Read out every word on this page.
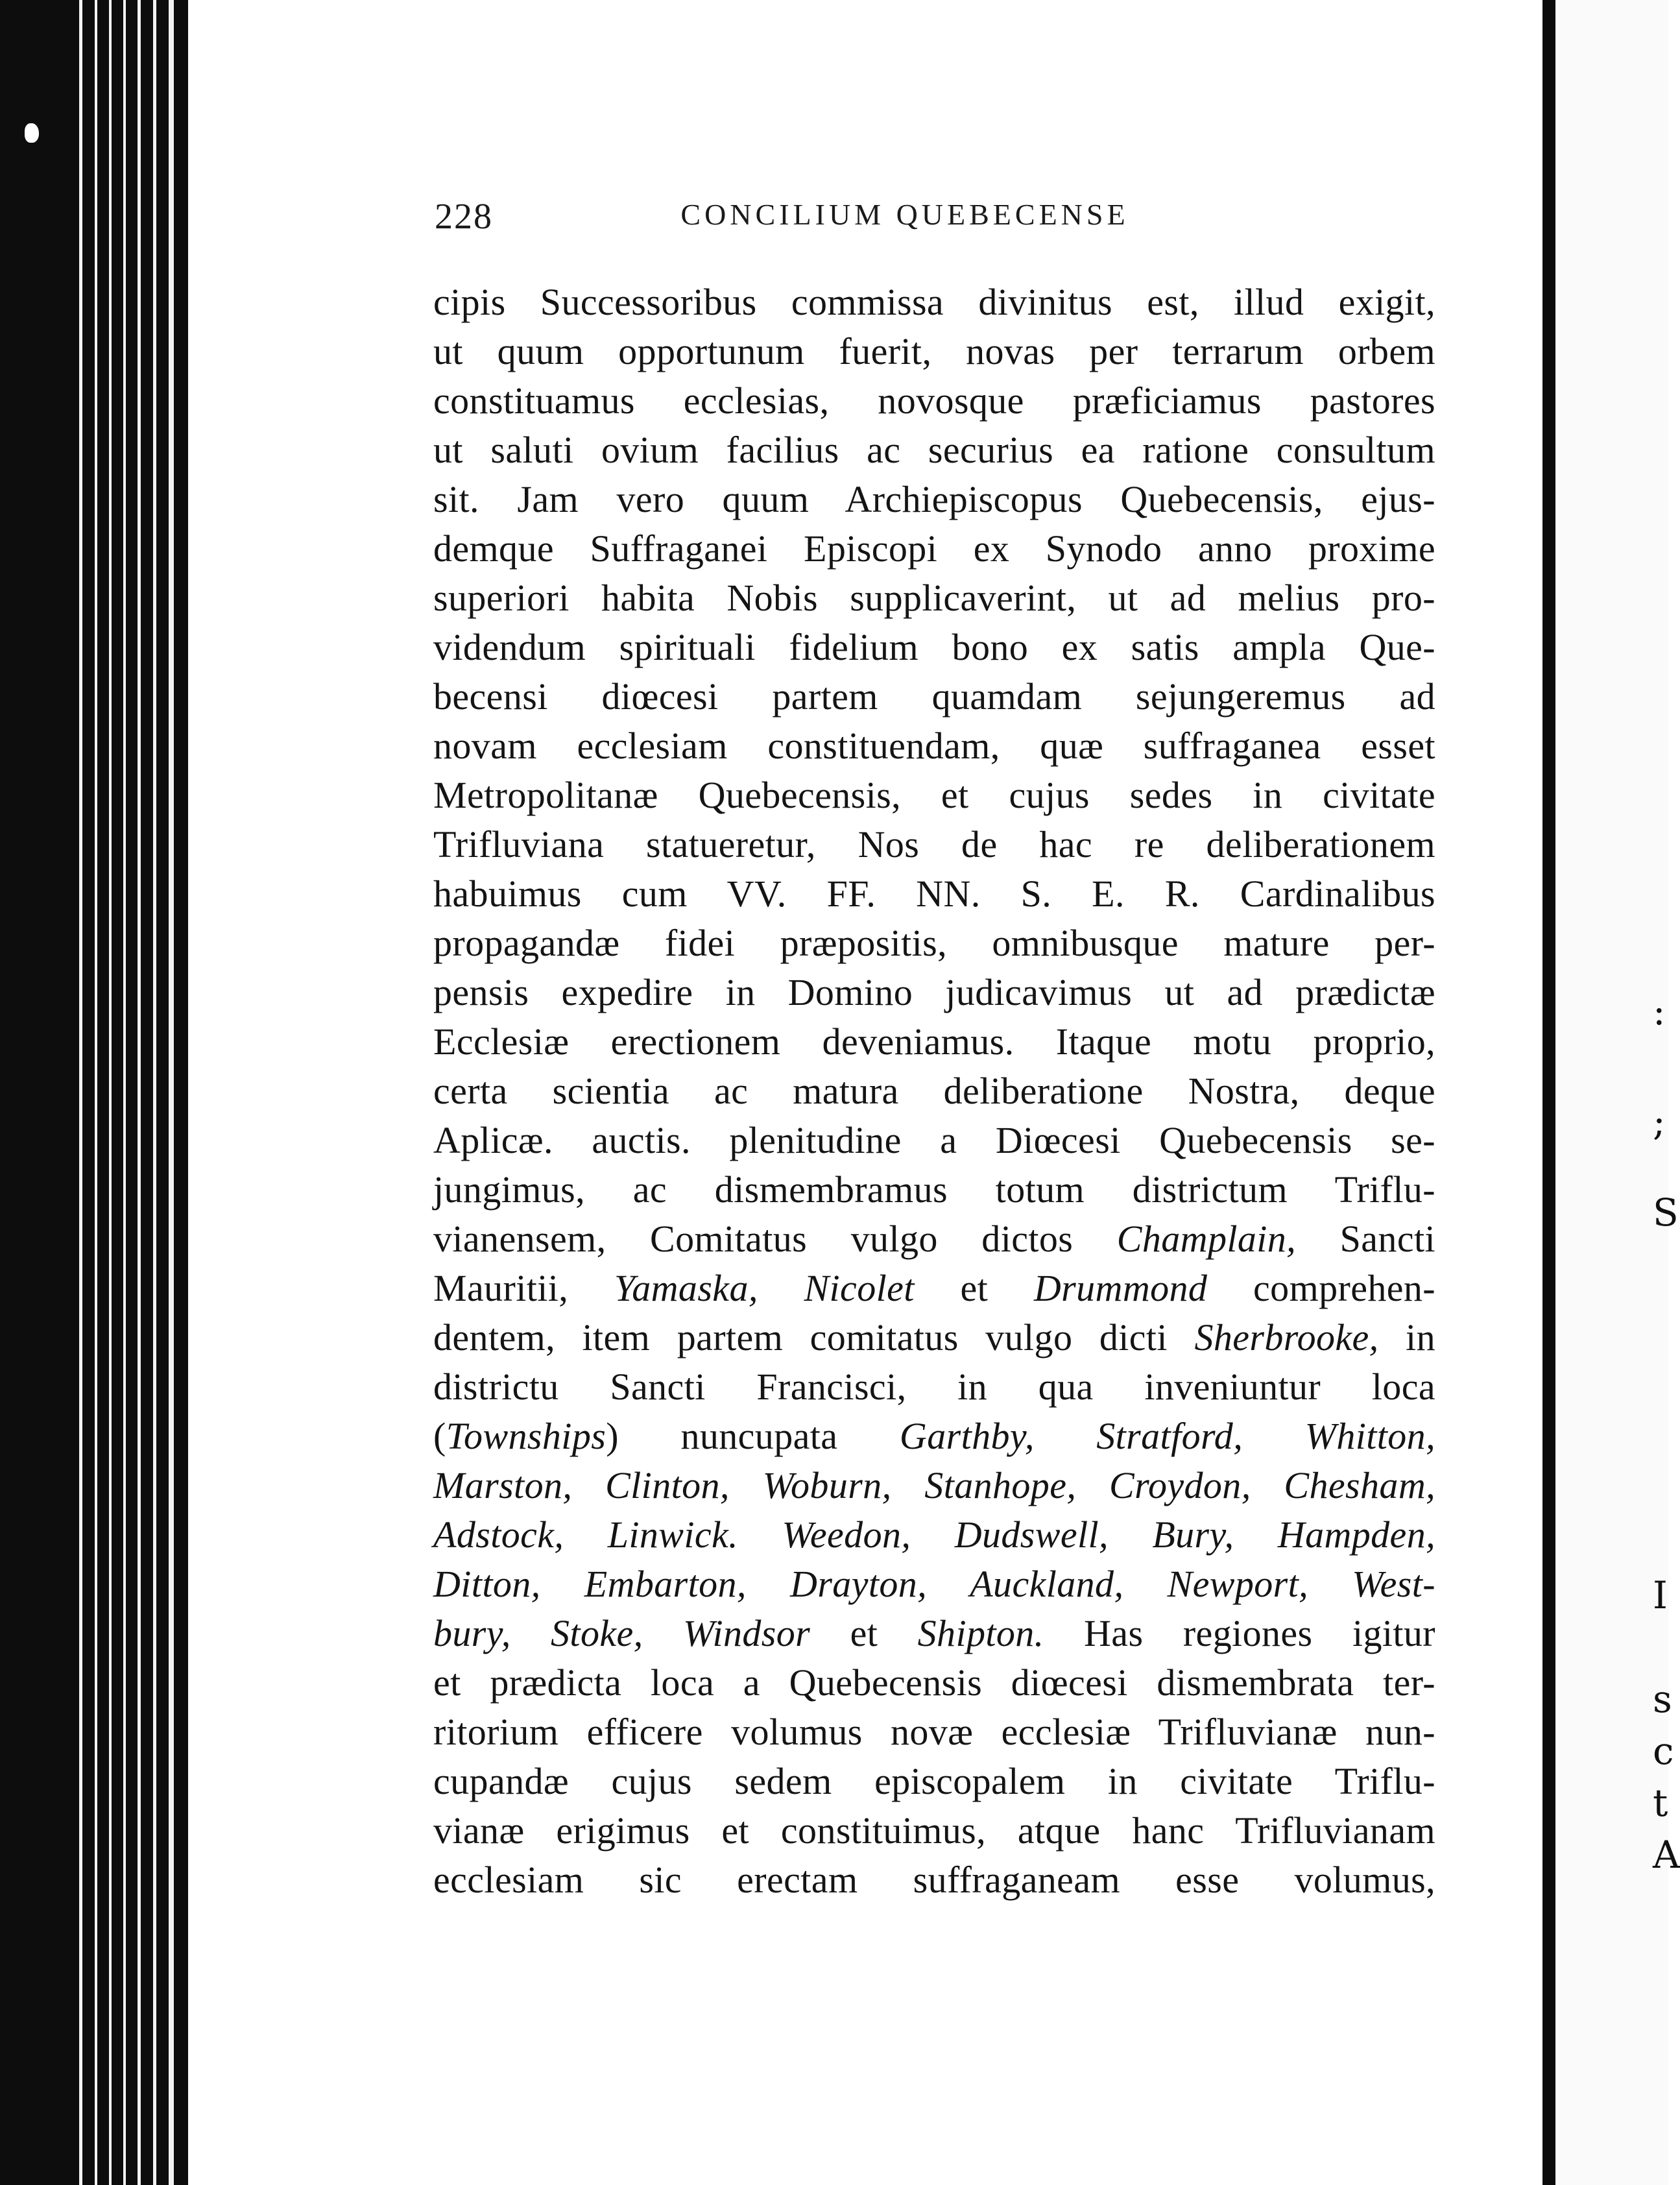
228	CONCILIUM QUEBECENSE
cipis Successoribus commissa divinitus est, illud exigit,
ut quum opportunum fuerit, novas per terrarum orbem
constituamus ecclesias, novosque præficiamus pastores
ut saluti ovium facilius ac securius ea ratione consultum
sit. Jam vero quum Archiepiscopus Quebecensis, ejus-
demque Suffraganei Episcopi ex Synodo anno proxime
superiori habita Nobis supplicaverint, ut ad melius pro-
videndum spirituali fidelium bono ex satis ampla Que-
becensi diœcesi partem quamdam sejungeremus ad
novam ecclesiam constituendam, quæ suffraganea esset
Metropolitanæ Quebecensis, et cujus sedes in civitate
Trifluviana statueretur, Nos de hac re deliberationem
habuimus cum VV. FF. NN. S. E. R. Cardinalibus
propagandæ fidei præpositis, omnibusque mature per-
pensis expedire in Domino judicavimus ut ad prædictæ
Ecclesiæ erectionem deveniamus. Itaque motu proprio,
certa scientia ac matura deliberatione Nostra, deque
Aplicæ. auctis. plenitudine a Diœcesi Quebecensis se-
jungimus, ac dismembramus totum districtum Triflu-
vianensem, Comitatus vulgo dictos Champlain, Sancti
Mauritii, Yamaska, Nicolet et Drummond comprehen-
dentem, item partem comitatus vulgo dicti Sherbrooke, in
districtu Sancti Francisci, in qua inveniuntur loca
(Townships) nuncupata Garthby, Stratford, Whitton,
Marston, Clinton, Woburn, Stanhope, Croydon, Chesham,
Adstock, Linwick. Weedon, Dudswell, Bury, Hampden,
Ditton, Embarton, Drayton, Auckland, Newport, West-
bury, Stoke, Windsor et Shipton. Has regiones igitur
et prædicta loca a Quebecensis diœcesi dismembrata ter-
ritorium efficere volumus novæ ecclesiæ Trifluvianæ nun-
cupandæ cujus sedem episcopalem in civitate Triflu-
vianæ erigimus et constituimus, atque hanc Trifluvianam
ecclesiam sic erectam suffraganeam esse volumus,
:
;
S
I
s
c
t
A
